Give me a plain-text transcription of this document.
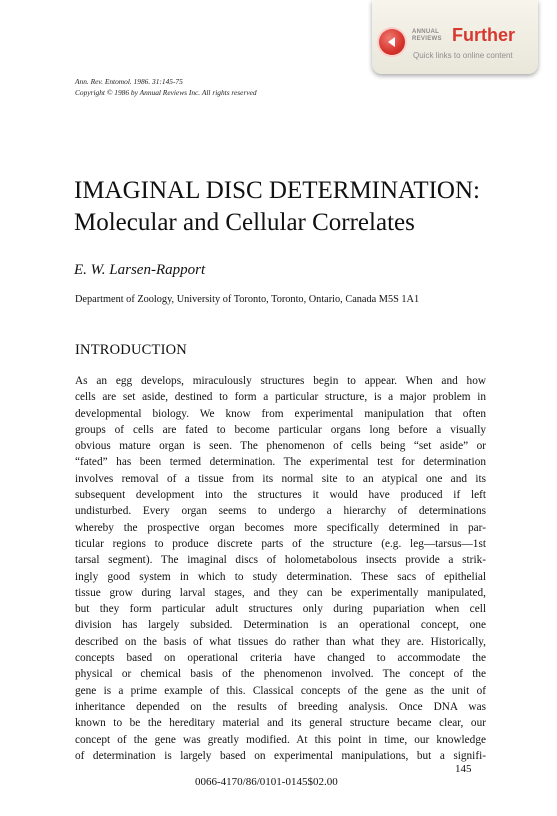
ANNUAL
REVIEWS Further
Quick links to online content
Ann. Rev. Entomol. 1986. 31:145-75
Copyright © 1986 by Annual Reviews Inc. All rights reserved
IMAGINAL DISC DETERMINATION:
Molecular and Cellular Correlates
E. W. Larsen-Rapport
Department of Zoology, University of Toronto, Toronto, Ontario, Canada M5S 1A1
INTRODUCTION
As an egg develops, miraculously structures begin to appear. When and how
cells are set aside, destined to form a particular structure, is a major problem in
developmental biology. We know from experimental manipulation that often
groups of cells are fated to become particular organs long before a visually
obvious mature organ is seen. The phenomenon of cells being “set aside” or
“fated” has been termed determination. The experimental test for determination
involves removal of a tissue from its normal site to an atypical one and its
subsequent development into the structures it would have produced if left
undisturbed. Every organ seems to undergo a hierarchy of determinations
whereby the prospective organ becomes more specifically determined in par-
ticular regions to produce discrete parts of the structure (e.g. leg—tarsus—1st
tarsal segment). The imaginal discs of holometabolous insects provide a strik-
ingly good system in which to study determination. These sacs of epithelial
tissue grow during larval stages, and they can be experimentally manipulated,
but they form particular adult structures only during pupariation when cell
division has largely subsided. Determination is an operational concept, one
described on the basis of what tissues do rather than what they are. Historically,
concepts based on operational criteria have changed to accommodate the
physical or chemical basis of the phenomenon involved. The concept of the
gene is a prime example of this. Classical concepts of the gene as the unit of
inheritance depended on the results of breeding analysis. Once DNA was
known to be the hereditary material and its general structure became clear, our
concept of the gene was greatly modified. At this point in time, our knowledge
of determination is largely based on experimental manipulations, but a signifi-
145
0066-4170/86/0101-0145$02.00
